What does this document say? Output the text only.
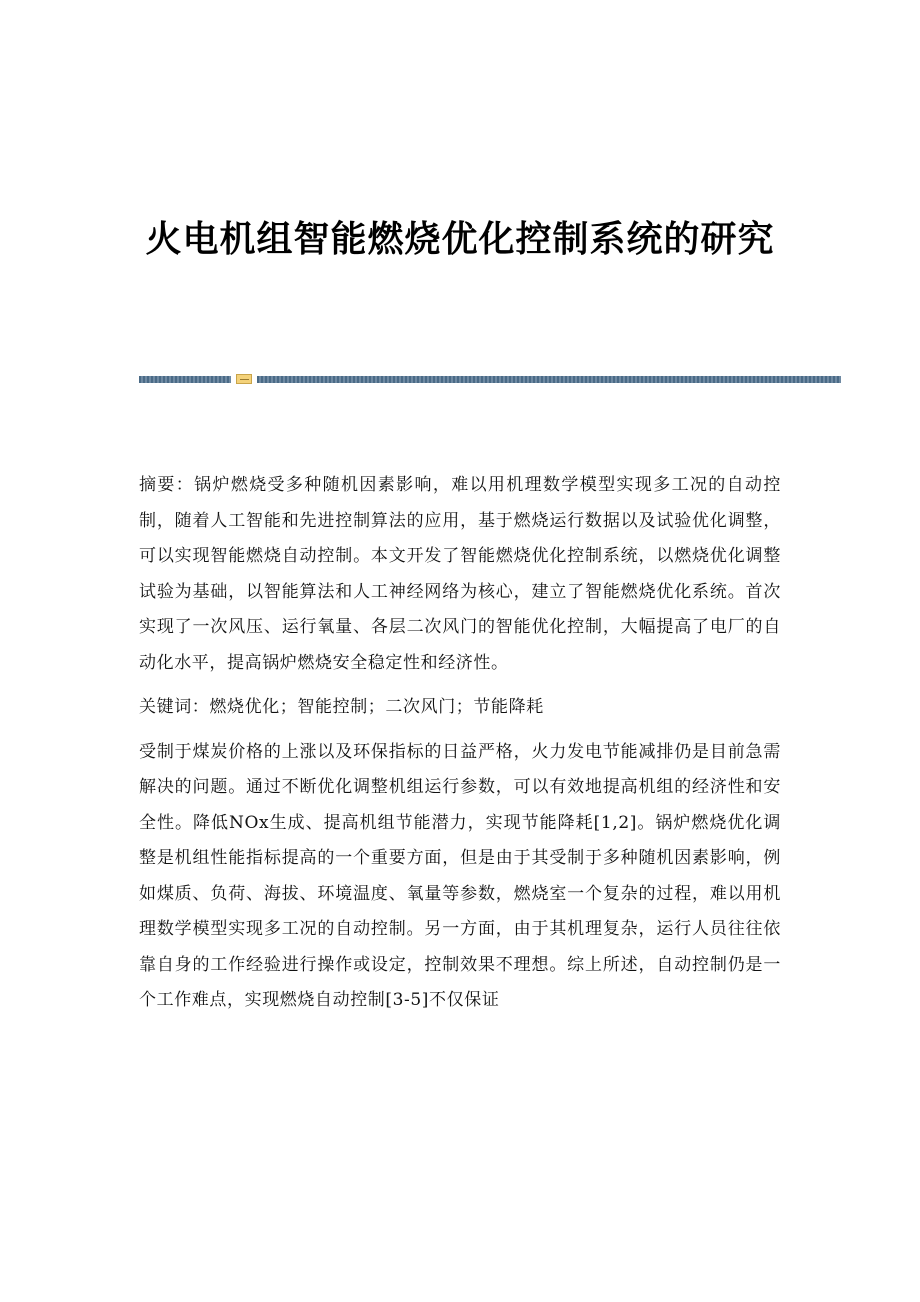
火电机组智能燃烧优化控制系统的研究

摘要：锅炉燃烧受多种随机因素影响，难以用机理数学模型实现多工况的自动控制，随着人工智能和先进控制算法的应用，基于燃烧运行数据以及试验优化调整，可以实现智能燃烧自动控制。本文开发了智能燃烧优化控制系统，以燃烧优化调整试验为基础，以智能算法和人工神经网络为核心，建立了智能燃烧优化系统。首次实现了一次风压、运行氧量、各层二次风门的智能优化控制，大幅提高了电厂的自动化水平，提高锅炉燃烧安全稳定性和经济性。

关键词：燃烧优化；智能控制；二次风门；节能降耗

受制于煤炭价格的上涨以及环保指标的日益严格，火力发电节能减排仍是目前急需解决的问题。通过不断优化调整机组运行参数，可以有效地提高机组的经济性和安全性。降低NOx生成、提高机组节能潜力，实现节能降耗[1,2]。锅炉燃烧优化调整是机组性能指标提高的一个重要方面，但是由于其受制于多种随机因素影响，例如煤质、负荷、海拔、环境温度、氧量等参数，燃烧室一个复杂的过程，难以用机理数学模型实现多工况的自动控制。另一方面，由于其机理复杂，运行人员往往依靠自身的工作经验进行操作或设定，控制效果不理想。综上所述，自动控制仍是一个工作难点，实现燃烧自动控制[3-5]不仅保证
